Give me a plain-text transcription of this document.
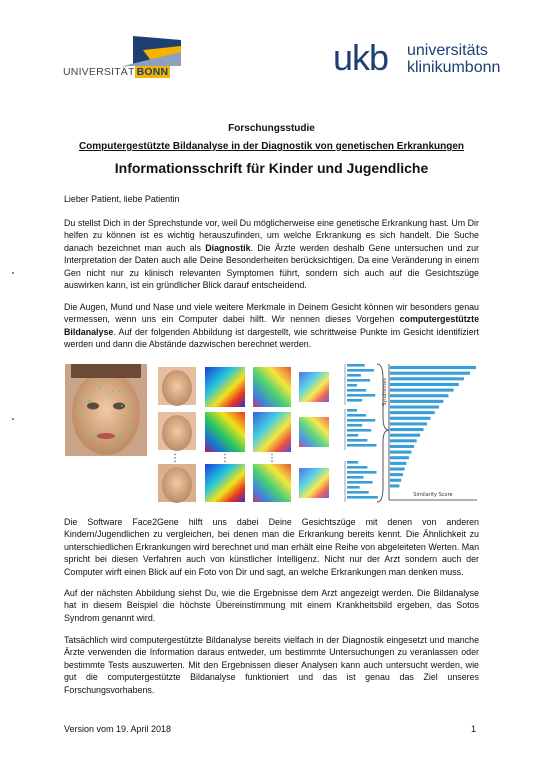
UNIVERSITÄT BONN	ukb universitäts
klinikumbonn
Forschungsstudie
Computergestützte Bildanalyse in der Diagnostik von genetischen Erkrankungen
Informationsschrift für Kinder und Jugendliche

Lieber Patient, liebe Patientin

Du stellst Dich in der Sprechstunde vor, weil Du möglicherweise eine genetische Erkrankung hast. Um Dir helfen zu können ist es wichtig herauszufinden, um welche Erkrankung es sich handelt. Die Suche danach bezeichnet man auch als Diagnostik. Die Ärzte werden deshalb Gene untersuchen und zur Interpretation der Daten auch alle Deine Besonderheiten berücksichtigen. Da eine Veränderung in einem Gen nicht nur zu klinisch relevanten Symptomen führt, sondern sich auch auf die Gesichtszüge auswirken kann, ist ein gründlicher Blick darauf entscheidend.

Die Augen, Mund und Nase und viele weitere Merkmale in Deinem Gesicht können wir besonders genau vermessen, wenn uns ein Computer dabei hilft. Wir nennen dieses Vorgehen computergestützte Bildanalyse. Auf der folgenden Abbildung ist dargestellt, wie schrittweise Punkte im Gesicht identifiziert werden und dann die Abstände dazwischen berechnet werden.

⋮	⋮	⋮
Syndromes
Similarity Score

Die Software Face2Gene hilft uns dabei Deine Gesichtszüge mit denen von anderen Kindern/Jugendlichen zu vergleichen, bei denen man die Erkrankung bereits kennt. Die Ähnlichkeit zu unterschiedlichen Erkrankungen wird berechnet und man erhält eine Reihe von abgeleiteten Werten. Man spricht bei diesen Verfahren auch von künstlicher Intelligenz. Nicht nur der Arzt sondern auch der Computer wirft einen Blick auf ein Foto von Dir und sagt, an welche Erkrankungen man denken muss.

Auf der nächsten Abbildung siehst Du, wie die Ergebnisse dem Arzt angezeigt werden. Die Bildanalyse hat in diesem Beispiel die höchste Übereinstimmung mit einem Krankheitsbild ergeben, das Sotos Syndrom genannt wird.

Tatsächlich wird computergestützte Bildanalyse bereits vielfach in der Diagnostik eingesetzt und manche Ärzte verwenden die Information daraus entweder, um bestimmte Untersuchungen zu veranlassen oder bestimmte Tests auszuwerten. Mit den Ergebnissen dieser Analysen kann auch untersucht werden, wie gut die computergestützte Bildanalyse funktioniert und das ist genau das Ziel unseres Forschungsvorhabens.

Version vom 19. April 2018	1
